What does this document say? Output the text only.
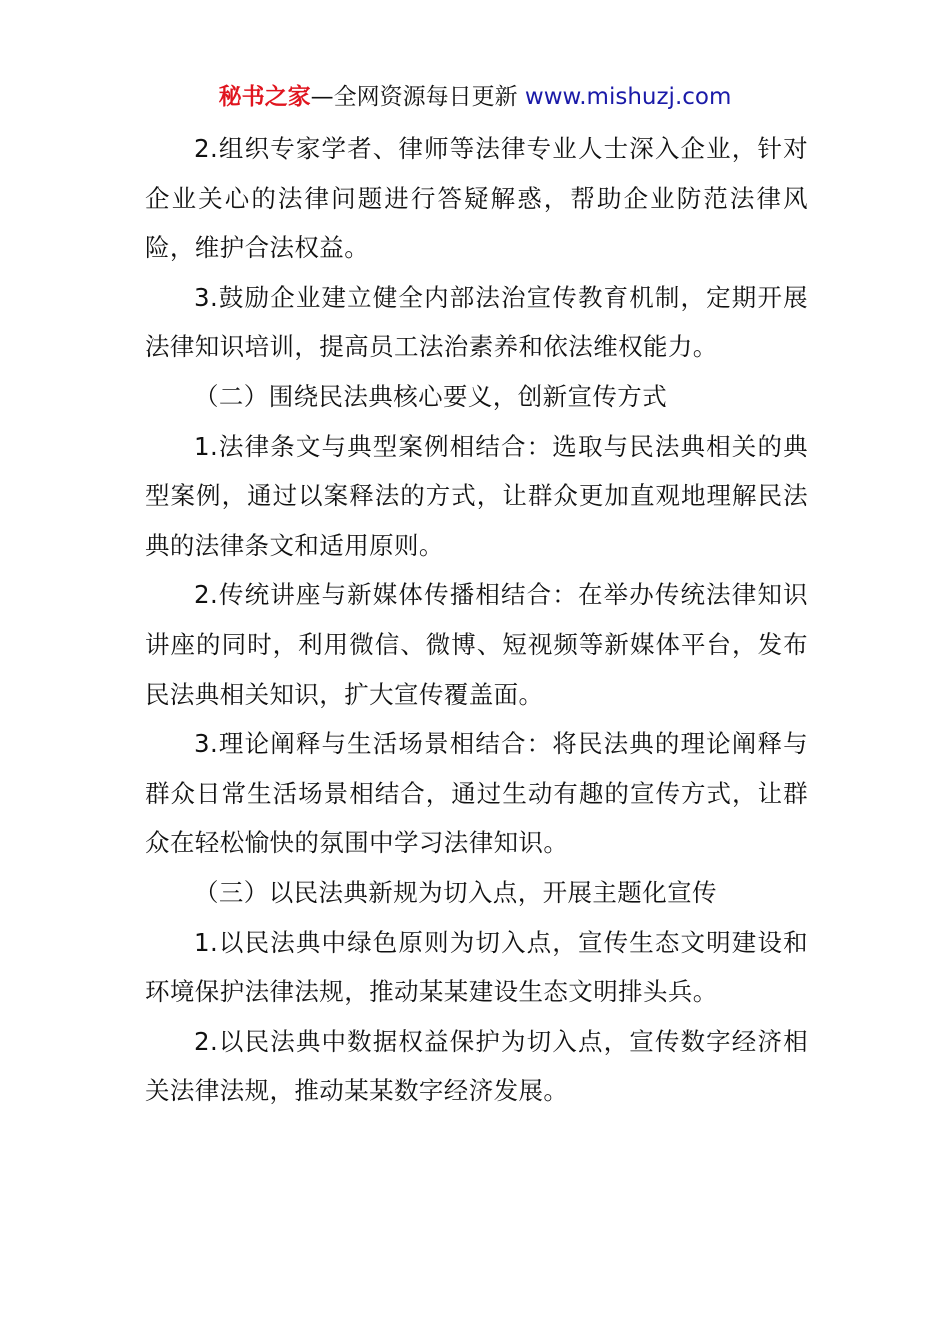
秘书之家—全网资源每日更新 www.mishuzj.com

2.组织专家学者、律师等法律专业人士深入企业，针对企业关心的法律问题进行答疑解惑，帮助企业防范法律风险，维护合法权益。

3.鼓励企业建立健全内部法治宣传教育机制，定期开展法律知识培训，提高员工法治素养和依法维权能力。

（二）围绕民法典核心要义，创新宣传方式

1.法律条文与典型案例相结合：选取与民法典相关的典型案例，通过以案释法的方式，让群众更加直观地理解民法典的法律条文和适用原则。

2.传统讲座与新媒体传播相结合：在举办传统法律知识讲座的同时，利用微信、微博、短视频等新媒体平台，发布民法典相关知识，扩大宣传覆盖面。

3.理论阐释与生活场景相结合：将民法典的理论阐释与群众日常生活场景相结合，通过生动有趣的宣传方式，让群众在轻松愉快的氛围中学习法律知识。

（三）以民法典新规为切入点，开展主题化宣传

1.以民法典中绿色原则为切入点，宣传生态文明建设和环境保护法律法规，推动某某建设生态文明排头兵。

2.以民法典中数据权益保护为切入点，宣传数字经济相关法律法规，推动某某数字经济发展。
